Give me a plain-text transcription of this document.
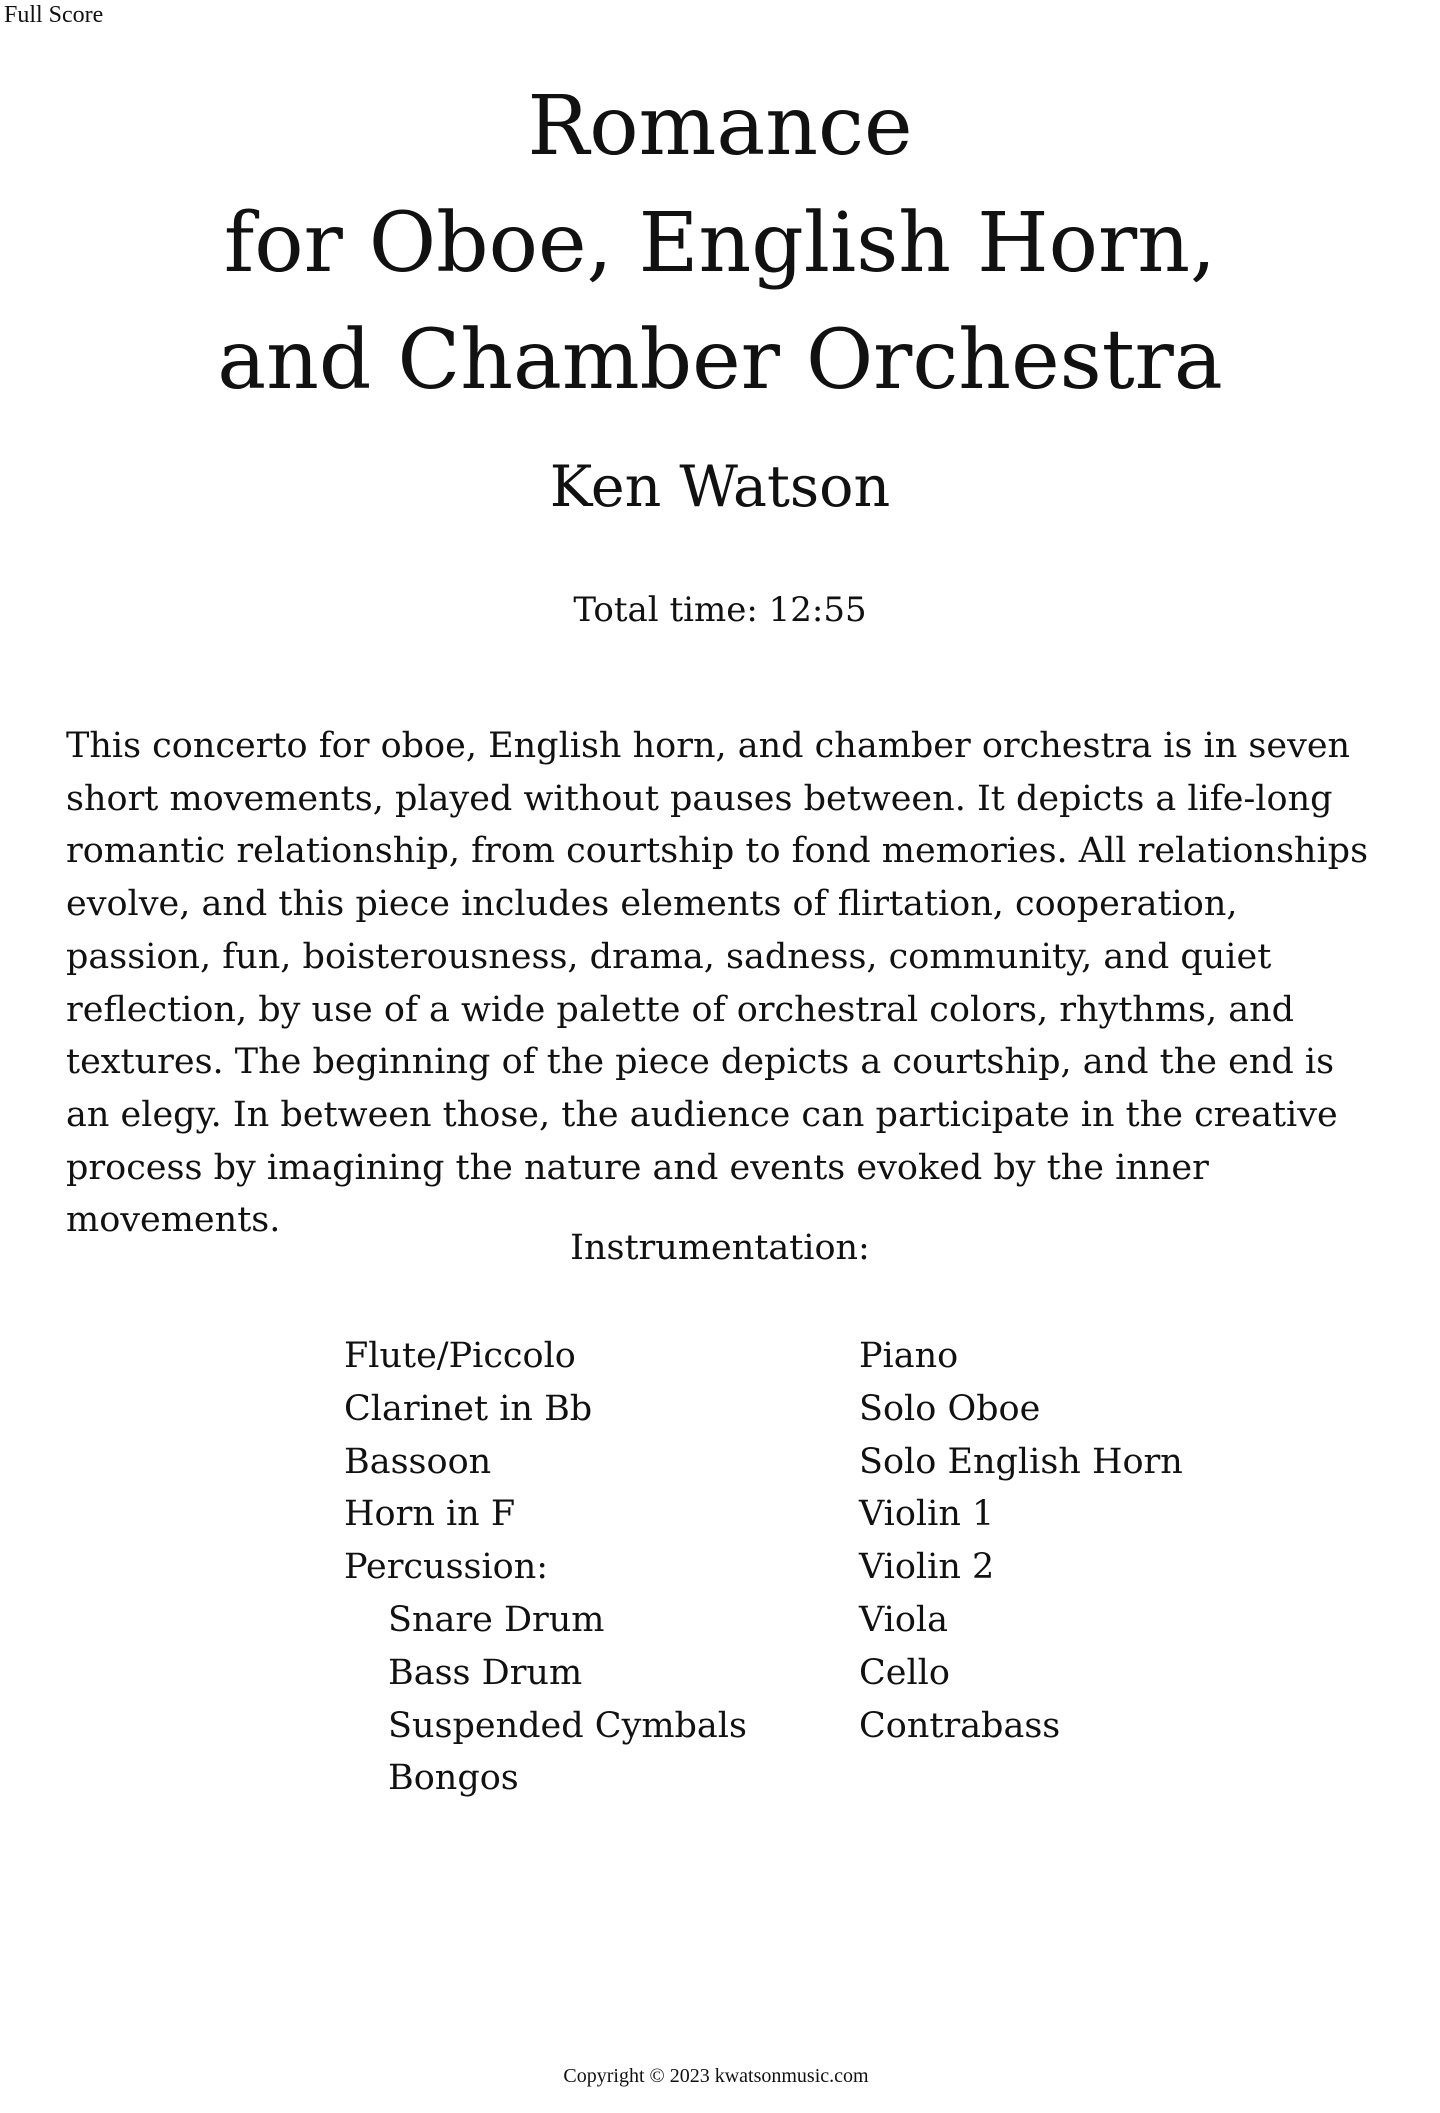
Full Score
Romance
for Oboe, English Horn,
and Chamber Orchestra
Ken Watson
Total time: 12:55

This concerto for oboe, English horn, and chamber orchestra is in seven short movements, played without pauses between. It depicts a life-long romantic relationship, from courtship to fond memories. All relationships evolve, and this piece includes elements of flirtation, cooperation, passion, fun, boisterousness, drama, sadness, community, and quiet reflection, by use of a wide palette of orchestral colors, rhythms, and textures. The beginning of the piece depicts a courtship, and the end is an elegy. In between those, the audience can participate in the creative process by imagining the nature and events evoked by the inner movements.

Instrumentation:
Flute/Piccolo
Clarinet in Bb
Bassoon
Horn in F
Percussion:
Snare Drum
Bass Drum
Suspended Cymbals
Bongos
Piano
Solo Oboe
Solo English Horn
Violin 1
Violin 2
Viola
Cello
Contrabass
Copyright © 2023 kwatsonmusic.com
